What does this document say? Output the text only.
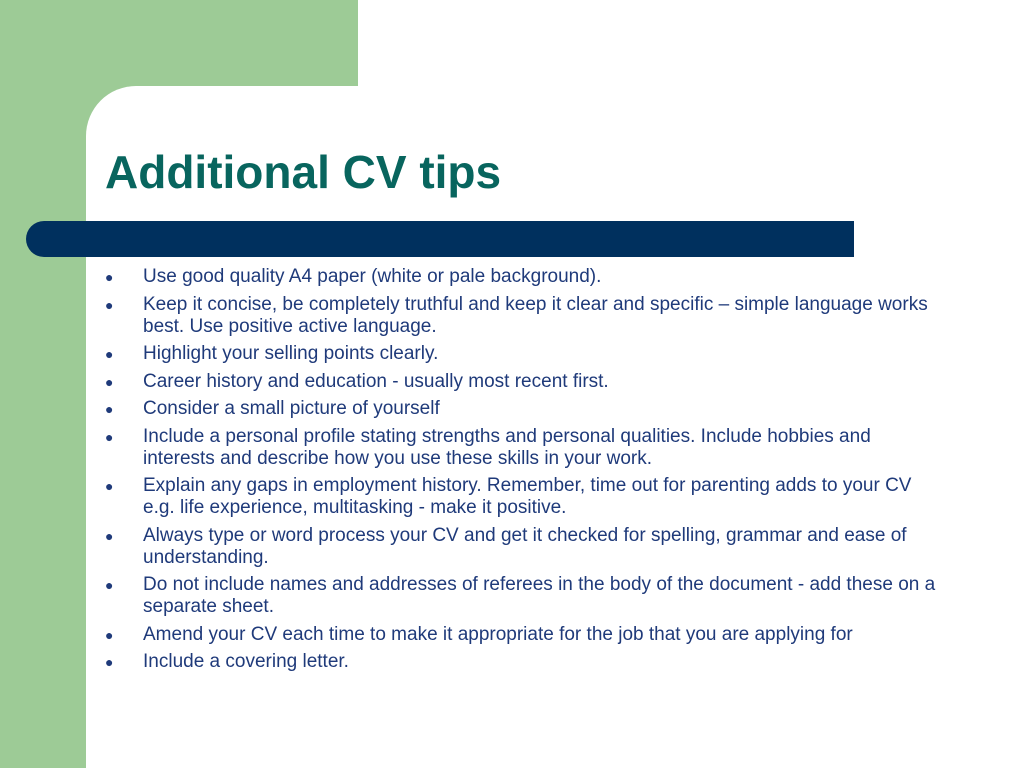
Additional CV tips
●	Use good quality A4 paper (white or pale background).
●	Keep it concise, be completely truthful and keep it clear and specific – simple language works best. Use positive active language.
●	Highlight your selling points clearly.
●	Career history and education - usually most recent first.
●	Consider a small picture of yourself
●	Include a personal profile stating strengths and personal qualities. Include hobbies and interests and describe how you use these skills in your work.
●	Explain any gaps in employment history. Remember, time out for parenting adds to your CV e.g. life experience, multitasking - make it positive.
●	Always type or word process your CV and get it checked for spelling, grammar and ease of understanding.
●	Do not include names and addresses of referees in the body of the document - add these on a separate sheet.
●	Amend your CV each time to make it appropriate for the job that you are applying for
●	Include a covering letter.
